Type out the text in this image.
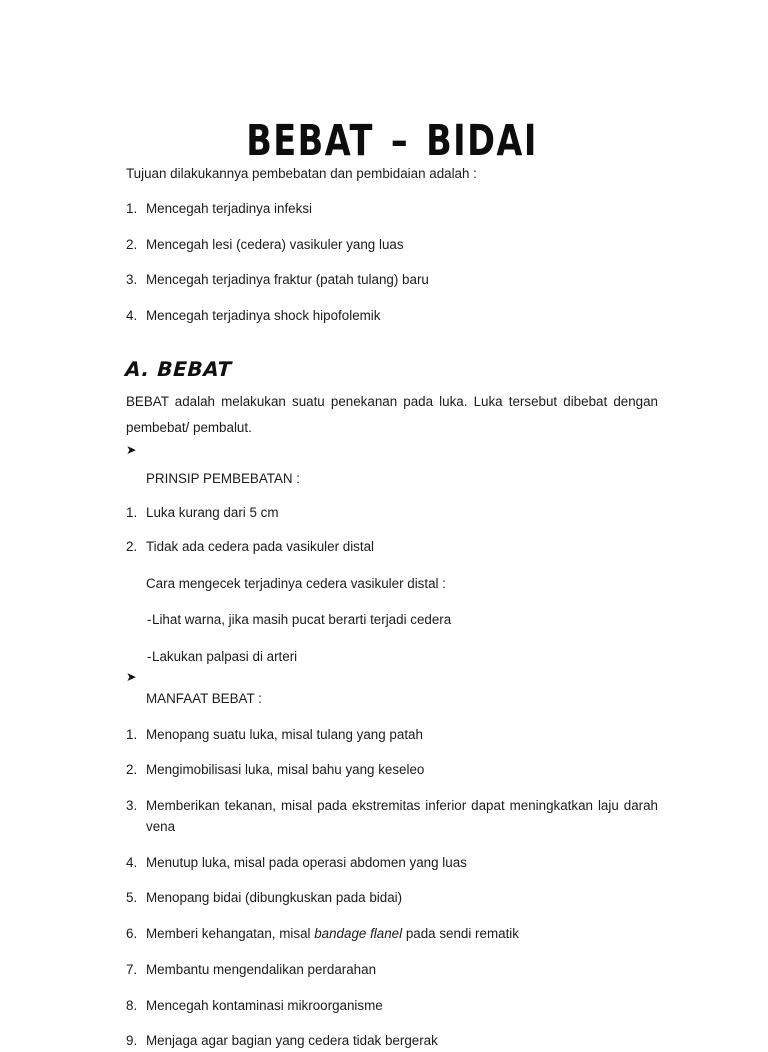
BEBAT – BIDAI

Tujuan dilakukannya pembebatan dan pembidaian adalah :

1. Mencegah terjadinya infeksi
2. Mencegah lesi (cedera) vasikuler yang luas
3. Mencegah terjadinya fraktur (patah tulang) baru
4. Mencegah terjadinya shock hipofolemik
A. BEBAT

BEBAT adalah melakukan suatu penekanan pada luka. Luka tersebut dibebat dengan pembebat/ pembalut.

➤
PRINSIP PEMBEBATAN :
1. Luka kurang dari 5 cm
2. Tidak ada cedera pada vasikuler distal
Cara mengecek terjadinya cedera vasikuler distal :
- Lihat warna, jika masih pucat berarti terjadi cedera
- Lakukan palpasi di arteri
➤
MANFAAT BEBAT :
1. Menopang suatu luka, misal tulang yang patah
2. Mengimobilisasi luka, misal bahu yang keseleo
3. Memberikan tekanan, misal pada ekstremitas inferior dapat meningkatkan laju darah vena
4. Menutup luka, misal pada operasi abdomen yang luas
5. Menopang bidai (dibungkuskan pada bidai)
6. Memberi kehangatan, misal bandage flanel pada sendi rematik
7. Membantu mengendalikan perdarahan
8. Mencegah kontaminasi mikroorganisme
9. Menjaga agar bagian yang cedera tidak bergerak
